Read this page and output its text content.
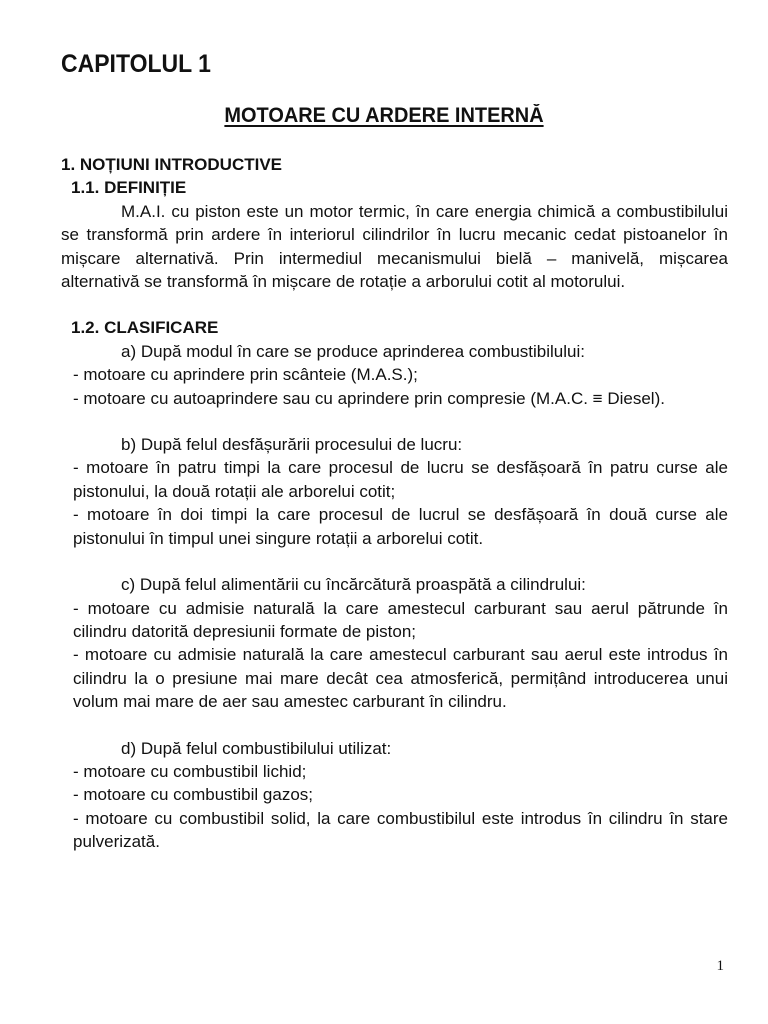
CAPITOLUL 1
MOTOARE CU ARDERE INTERNĂ

1. NOȚIUNI INTRODUCTIVE

1.1. DEFINIȚIE

M.A.I. cu piston este un motor termic, în care energia chimică a combustibilului se transformă prin ardere în interiorul cilindrilor în lucru mecanic cedat pistoanelor în mișcare alternativă. Prin intermediul mecanismului bielă – manivelă, mișcarea alternativă se transformă în mișcare de rotație a arborului cotit al motorului.

1.2. CLASIFICARE

a) După modul în care se produce aprinderea combustibilului:

- motoare cu aprindere prin scânteie (M.A.S.);

- motoare cu autoaprindere sau cu aprindere prin compresie (M.A.C. ≡ Diesel).

b) După felul desfășurării procesului de lucru:

- motoare în patru timpi la care procesul de lucru se desfășoară în patru curse ale pistonului, la două rotații ale arborelui cotit;

- motoare în doi timpi la care procesul de lucrul se desfășoară în două curse ale pistonului în timpul unei singure rotații a arborelui cotit.

c) După felul alimentării cu încărcătură proaspătă a cilindrului:

- motoare cu admisie naturală la care amestecul carburant sau aerul pătrunde în cilindru datorită depresiunii formate de piston;

- motoare cu admisie naturală la care amestecul carburant sau aerul este introdus în cilindru la o presiune mai mare decât cea atmosferică, permițând introducerea unui volum mai mare de aer sau amestec carburant în cilindru.

d) După felul combustibilului utilizat:

- motoare cu combustibil lichid;

- motoare cu combustibil gazos;

- motoare cu combustibil solid, la care combustibilul este introdus în cilindru în stare pulverizată.

1
